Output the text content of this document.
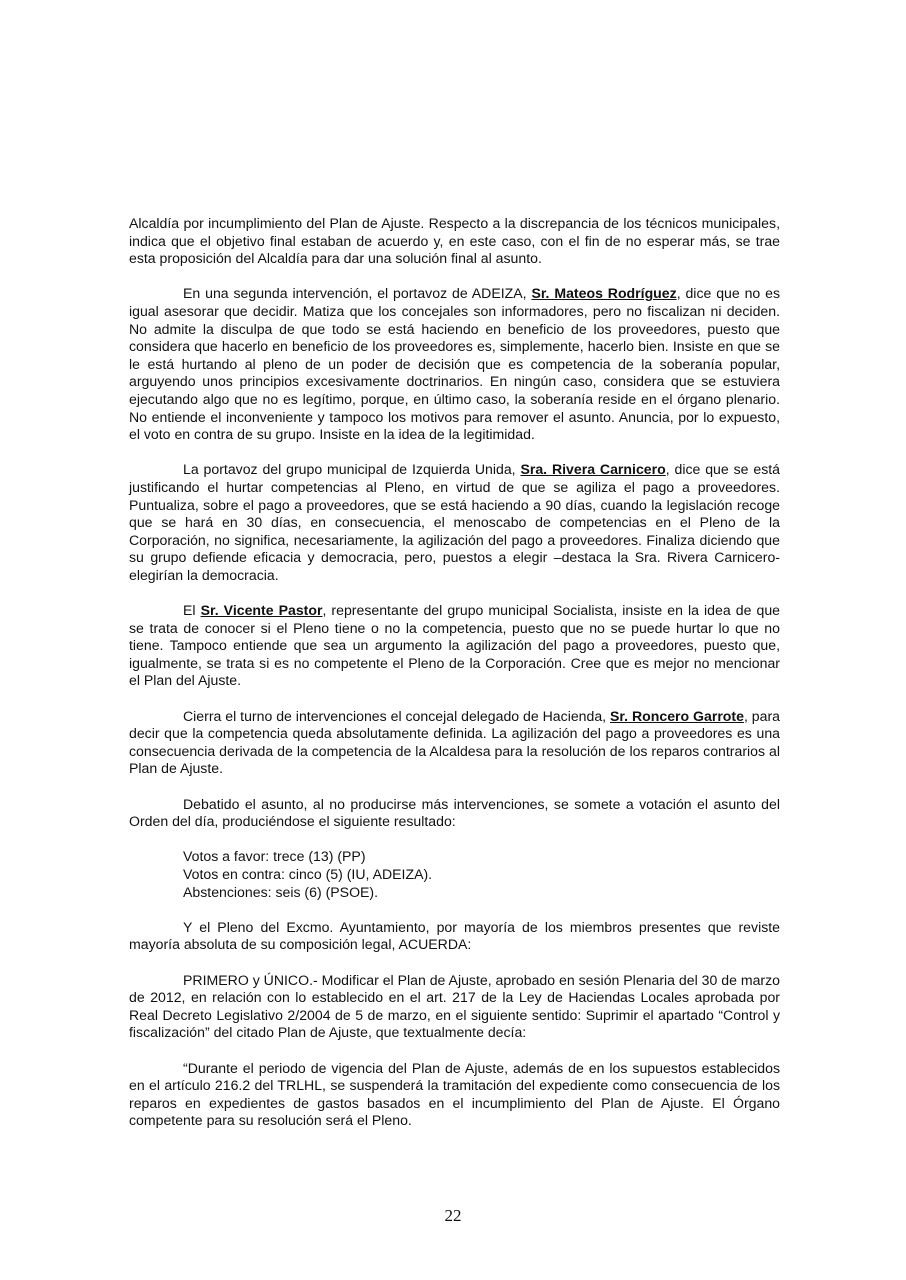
Alcaldía por incumplimiento del Plan de Ajuste. Respecto a la discrepancia de los técnicos municipales, indica que el objetivo final estaban de acuerdo y, en este caso, con el fin de no esperar más, se trae esta proposición del Alcaldía para dar una solución final al asunto.

En una segunda intervención, el portavoz de ADEIZA, Sr. Mateos Rodríguez, dice que no es igual asesorar que decidir. Matiza que los concejales son informadores, pero no fiscalizan ni deciden. No admite la disculpa de que todo se está haciendo en beneficio de los proveedores, puesto que considera que hacerlo en beneficio de los proveedores es, simplemente, hacerlo bien. Insiste en que se le está hurtando al pleno de un poder de decisión que es competencia de la soberanía popular, arguyendo unos principios excesivamente doctrinarios. En ningún caso, considera que se estuviera ejecutando algo que no es legítimo, porque, en último caso, la soberanía reside en el órgano plenario. No entiende el inconveniente y tampoco los motivos para remover el asunto. Anuncia, por lo expuesto, el voto en contra de su grupo. Insiste en la idea de la legitimidad.

La portavoz del grupo municipal de Izquierda Unida, Sra. Rivera Carnicero, dice que se está justificando el hurtar competencias al Pleno, en virtud de que se agiliza el pago a proveedores. Puntualiza, sobre el pago a proveedores, que se está haciendo a 90 días, cuando la legislación recoge que se hará en 30 días, en consecuencia, el menoscabo de competencias en el Pleno de la Corporación, no significa, necesariamente, la agilización del pago a proveedores. Finaliza diciendo que su grupo defiende eficacia y democracia, pero, puestos a elegir –destaca la Sra. Rivera Carnicero- elegirían la democracia.

El Sr. Vicente Pastor, representante del grupo municipal Socialista, insiste en la idea de que se trata de conocer si el Pleno tiene o no la competencia, puesto que no se puede hurtar lo que no tiene. Tampoco entiende que sea un argumento la agilización del pago a proveedores, puesto que, igualmente, se trata si es no competente el Pleno de la Corporación. Cree que es mejor no mencionar el Plan del Ajuste.

Cierra el turno de intervenciones el concejal delegado de Hacienda, Sr. Roncero Garrote, para decir que la competencia queda absolutamente definida. La agilización del pago a proveedores es una consecuencia derivada de la competencia de la Alcaldesa para la resolución de los reparos contrarios al Plan de Ajuste.

Debatido el asunto, al no producirse más intervenciones, se somete a votación el asunto del Orden del día, produciéndose el siguiente resultado:

Votos a favor: trece (13) (PP)
Votos en contra: cinco (5) (IU, ADEIZA).
Abstenciones: seis (6) (PSOE).

Y el Pleno del Excmo. Ayuntamiento, por mayoría de los miembros presentes que reviste mayoría absoluta de su composición legal, ACUERDA:

PRIMERO y ÚNICO.- Modificar el Plan de Ajuste, aprobado en sesión Plenaria del 30 de marzo de 2012, en relación con lo establecido en el art. 217 de la Ley de Haciendas Locales aprobada por Real Decreto Legislativo 2/2004 de 5 de marzo, en el siguiente sentido: Suprimir el apartado “Control y fiscalización” del citado Plan de Ajuste, que textualmente decía:

“Durante el periodo de vigencia del Plan de Ajuste, además de en los supuestos establecidos en el artículo 216.2 del TRLHL, se suspenderá la tramitación del expediente como consecuencia de los reparos en expedientes de gastos basados en el incumplimiento del Plan de Ajuste. El Órgano competente para su resolución será el Pleno.

22
